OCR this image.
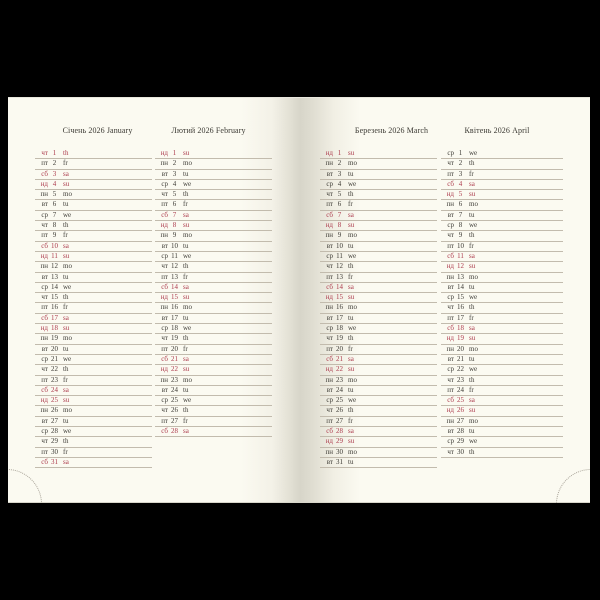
Січень 2026 January
чт 1 th
пт 2 fr
сб 3 sa
нд 4 su
пн 5 mo
вт 6 tu
ср 7 we
чт 8 th
пт 9 fr
сб 10 sa
нд 11 su
пн 12 mo
вт 13 tu
ср 14 we
чт 15 th
пт 16 fr
сб 17 sa
нд 18 su
пн 19 mo
вт 20 tu
ср 21 we
чт 22 th
пт 23 fr
сб 24 sa
нд 25 su
пн 26 mo
вт 27 tu
ср 28 we
чт 29 th
пт 30 fr
сб 31 sa
Лютий 2026 February
нд 1 su
пн 2 mo
вт 3 tu
ср 4 we
чт 5 th
пт 6 fr
сб 7 sa
нд 8 su
пн 9 mo
вт 10 tu
ср 11 we
чт 12 th
пт 13 fr
сб 14 sa
нд 15 su
пн 16 mo
вт 17 tu
ср 18 we
чт 19 th
пт 20 fr
сб 21 sa
нд 22 su
пн 23 mo
вт 24 tu
ср 25 we
чт 26 th
пт 27 fr
сб 28 sa
Березень 2026 March
нд 1 su
пн 2 mo
вт 3 tu
ср 4 we
чт 5 th
пт 6 fr
сб 7 sa
нд 8 su
пн 9 mo
вт 10 tu
ср 11 we
чт 12 th
пт 13 fr
сб 14 sa
нд 15 su
пн 16 mo
вт 17 tu
ср 18 we
чт 19 th
пт 20 fr
сб 21 sa
нд 22 su
пн 23 mo
вт 24 tu
ср 25 we
чт 26 th
пт 27 fr
сб 28 sa
нд 29 su
пн 30 mo
вт 31 tu
Квітень 2026 April
ср 1 we
чт 2 th
пт 3 fr
сб 4 sa
нд 5 su
пн 6 mo
вт 7 tu
ср 8 we
чт 9 th
пт 10 fr
сб 11 sa
нд 12 su
пн 13 mo
вт 14 tu
ср 15 we
чт 16 th
пт 17 fr
сб 18 sa
нд 19 su
пн 20 mo
вт 21 tu
ср 22 we
чт 23 th
пт 24 fr
сб 25 sa
нд 26 su
пн 27 mo
вт 28 tu
ср 29 we
чт 30 th
